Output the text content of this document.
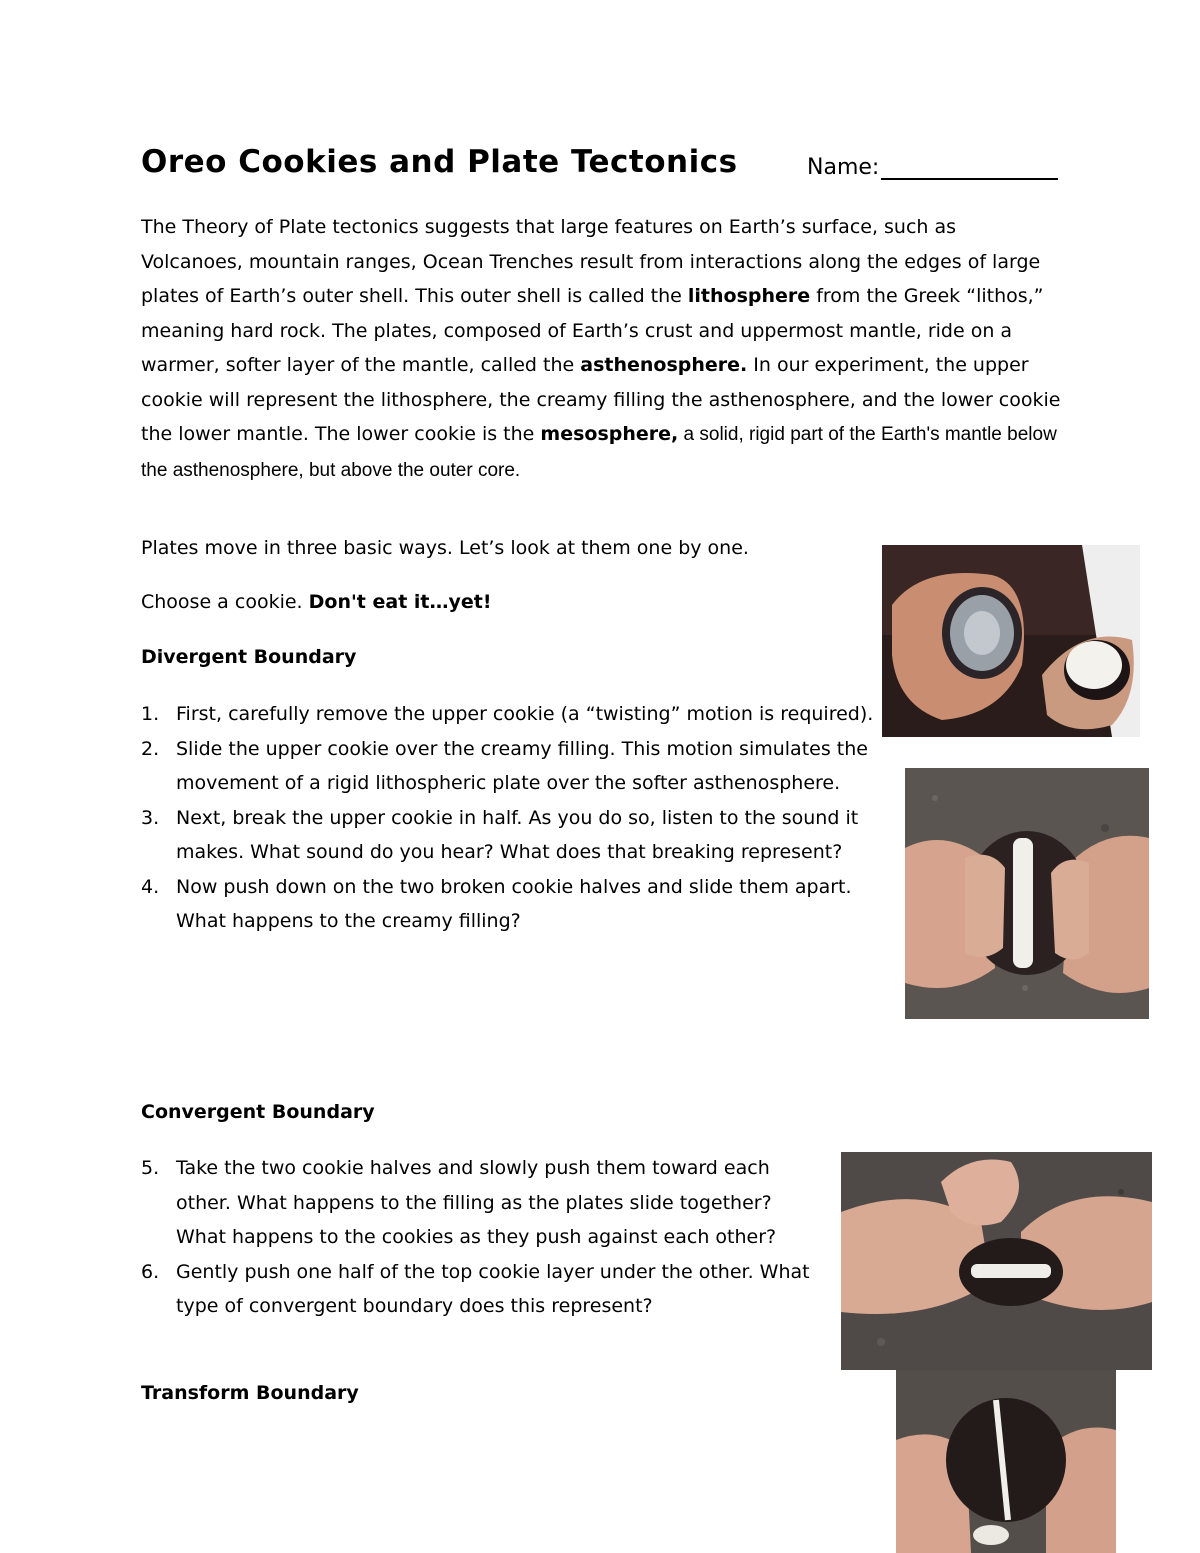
Oreo Cookies and Plate Tectonics	Name:
The Theory of Plate tectonics suggests that large features on Earth’s surface, such as Volcanoes, mountain ranges, Ocean Trenches result from interactions along the edges of large plates of Earth’s outer shell. This outer shell is called the lithosphere from the Greek “lithos,” meaning hard rock. The plates, composed of Earth’s crust and uppermost mantle, ride on a warmer, softer layer of the mantle, called the asthenosphere. In our experiment, the upper cookie will represent the lithosphere, the creamy filling the asthenosphere, and the lower cookie the lower mantle. The lower cookie is the mesosphere, a solid, rigid part of the Earth's mantle below the asthenosphere, but above the outer core.
Plates move in three basic ways. Let’s look at them one by one.
Choose a cookie. Don't eat it…yet!
Divergent Boundary
1. First, carefully remove the upper cookie (a “twisting” motion is required).
2. Slide the upper cookie over the creamy filling. This motion simulates the movement of a rigid lithospheric plate over the softer asthenosphere.
3. Next, break the upper cookie in half. As you do so, listen to the sound it makes. What sound do you hear? What does that breaking represent?
4. Now push down on the two broken cookie halves and slide them apart. What happens to the creamy filling?
Convergent Boundary
5. Take the two cookie halves and slowly push them toward each other. What happens to the filling as the plates slide together? What happens to the cookies as they push against each other?
6. Gently push one half of the top cookie layer under the other. What type of convergent boundary does this represent?
Transform Boundary
